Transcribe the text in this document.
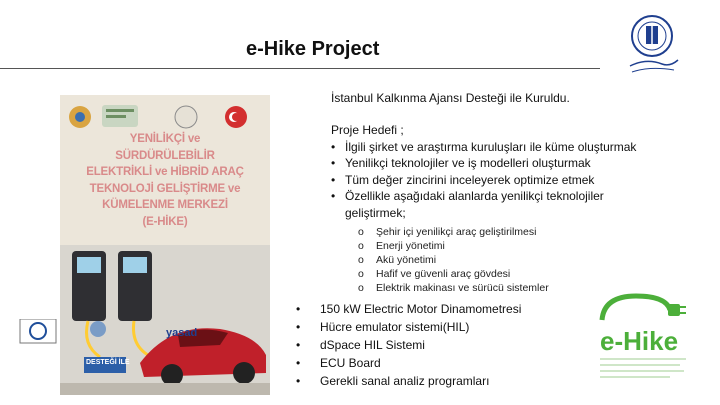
e-Hike Project
İstanbul Kalkınma Ajansı Desteği ile Kuruldu.
YENİLİKÇİ ve
SÜRDÜRÜLEBİLİR
ELEKTRİKLİ ve HİBRİD ARAÇ
TEKNOLOJİ GELİŞTİRME ve
KÜMELENME MERKEZİ
(E-HİKE)
yasad
DESTEĞİ İLE
Proje Hedefi ;
• İlgili şirket ve araştırma kuruluşları ile küme oluşturmak
• Yenilikçi teknolojiler ve iş modelleri oluşturmak
• Tüm değer zincirini inceleyerek optimize etmek
• Özellikle aşağıdaki alanlarda yenilikçi teknolojiler geliştirmek;
o Şehir içi yenilikçi araç geliştirilmesi
o Enerji yönetimi
o Akü yönetimi
o Hafif ve güvenli araç gövdesi
o Elektrik makinası ve sürücü sistemler
• 150 kW Electric Motor Dinamometresi
• Hücre emulator sistemi(HIL)
• dSpace HIL Sistemi
• ECU Board
• Gerekli sanal analiz programları
e-Hike
